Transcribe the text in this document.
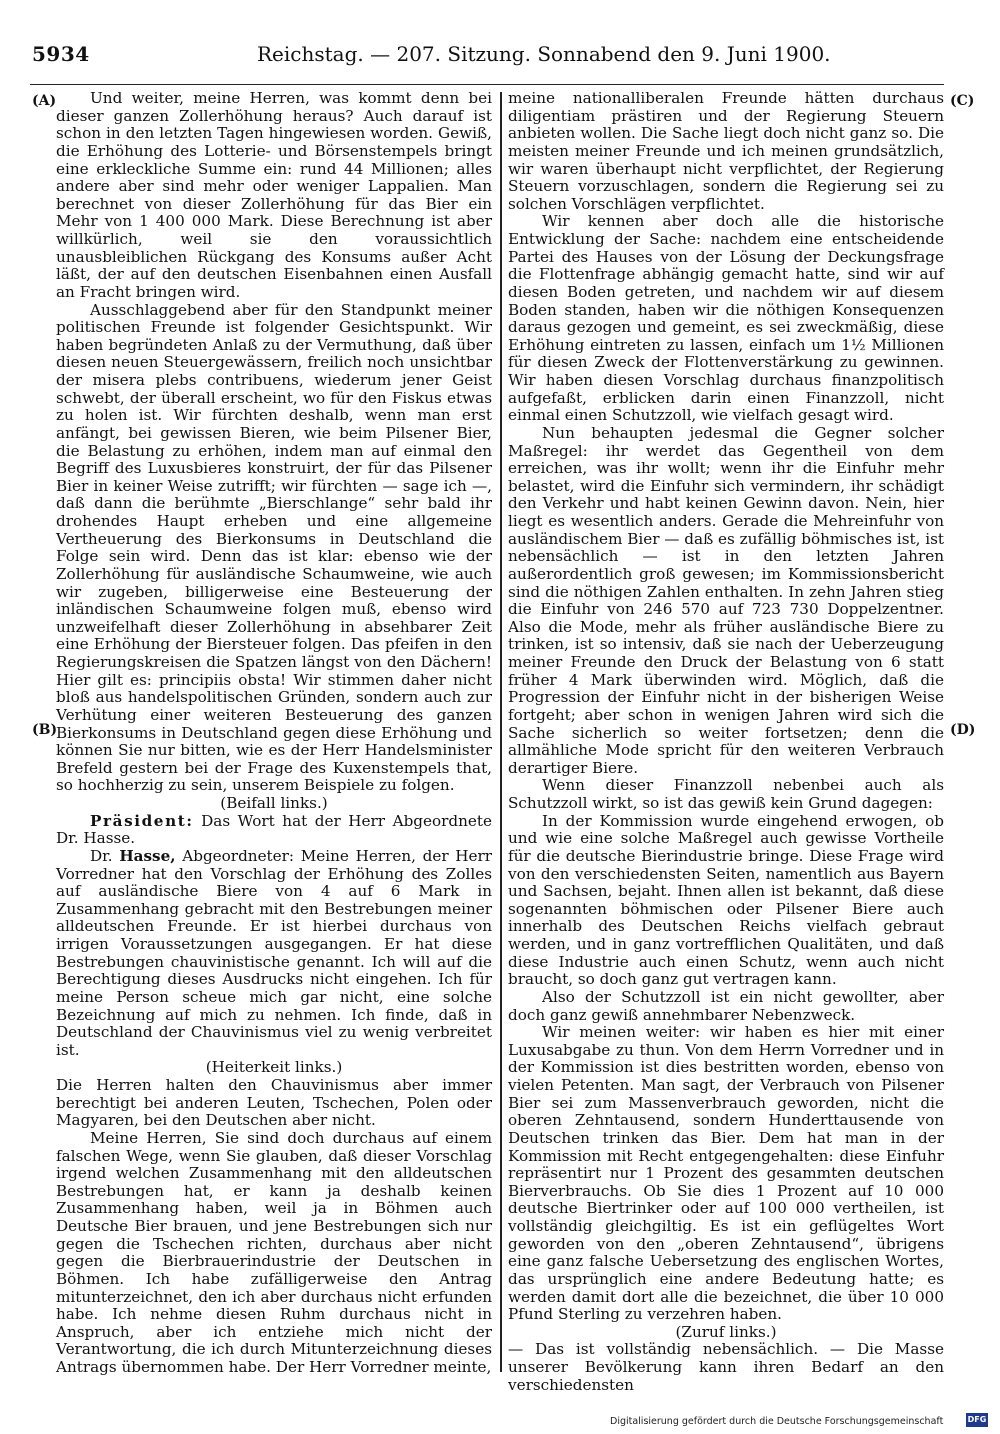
5934	Reichstag. — 207. Sitzung. Sonnabend den 9. Juni 1900.
(A)
(B)
(C)
(D)

Und weiter, meine Herren, was kommt denn bei dieser ganzen Zollerhöhung heraus? Auch darauf ist schon in den letzten Tagen hingewiesen worden. Gewiß, die Erhöhung des Lotterie- und Börsenstempels bringt eine erkleckliche Summe ein: rund 44 Millionen; alles andere aber sind mehr oder weniger Lappalien. Man berechnet von dieser Zollerhöhung für das Bier ein Mehr von 1 400 000 Mark. Diese Berechnung ist aber willkürlich, weil sie den voraussichtlich unausbleiblichen Rückgang des Konsums außer Acht läßt, der auf den deutschen Eisenbahnen einen Ausfall an Fracht bringen wird.

Ausschlaggebend aber für den Standpunkt meiner politischen Freunde ist folgender Gesichtspunkt. Wir haben begründeten Anlaß zu der Vermuthung, daß über diesen neuen Steuergewässern, freilich noch unsichtbar der misera plebs contribuens, wiederum jener Geist schwebt, der überall erscheint, wo für den Fiskus etwas zu holen ist. Wir fürchten deshalb, wenn man erst anfängt, bei gewissen Bieren, wie beim Pilsener Bier, die Belastung zu erhöhen, indem man auf einmal den Begriff des Luxusbieres konstruirt, der für das Pilsener Bier in keiner Weise zutrifft; wir fürchten — sage ich —, daß dann die berühmte „Bierschlange“ sehr bald ihr drohendes Haupt erheben und eine allgemeine Vertheuerung des Bierkonsums in Deutschland die Folge sein wird. Denn das ist klar: ebenso wie der Zollerhöhung für ausländische Schaumweine, wie auch wir zugeben, billigerweise eine Besteuerung der inländischen Schaumweine folgen muß, ebenso wird unzweifelhaft dieser Zollerhöhung in absehbarer Zeit eine Erhöhung der Biersteuer folgen. Das pfeifen in den Regierungskreisen die Spatzen längst von den Dächern! Hier gilt es: principiis obsta! Wir stimmen daher nicht bloß aus handelspolitischen Gründen, sondern auch zur Verhütung einer weiteren Besteuerung des ganzen Bierkonsums in Deutschland gegen diese Erhöhung und können Sie nur bitten, wie es der Herr Handelsminister Brefeld gestern bei der Frage des Kuxenstempels that, so hochherzig zu sein, unserem Beispiele zu folgen.

(Beifall links.)

Präsident: Das Wort hat der Herr Abgeordnete Dr. Hasse.

Dr. Hasse, Abgeordneter: Meine Herren, der Herr Vorredner hat den Vorschlag der Erhöhung des Zolles auf ausländische Biere von 4 auf 6 Mark in Zusammenhang gebracht mit den Bestrebungen meiner alldeutschen Freunde. Er ist hierbei durchaus von irrigen Voraussetzungen ausgegangen. Er hat diese Bestrebungen chauvinistische genannt. Ich will auf die Berechtigung dieses Ausdrucks nicht eingehen. Ich für meine Person scheue mich gar nicht, eine solche Bezeichnung auf mich zu nehmen. Ich finde, daß in Deutschland der Chauvinismus viel zu wenig verbreitet ist.

(Heiterkeit links.)

Die Herren halten den Chauvinismus aber immer berechtigt bei anderen Leuten, Tschechen, Polen oder Magyaren, bei den Deutschen aber nicht.

Meine Herren, Sie sind doch durchaus auf einem falschen Wege, wenn Sie glauben, daß dieser Vorschlag irgend welchen Zusammenhang mit den alldeutschen Bestrebungen hat, er kann ja deshalb keinen Zusammenhang haben, weil ja in Böhmen auch Deutsche Bier brauen, und jene Bestrebungen sich nur gegen die Tschechen richten, durchaus aber nicht gegen die Bierbrauerindustrie der Deutschen in Böhmen. Ich habe zufälligerweise den Antrag mitunterzeichnet, den ich aber durchaus nicht erfunden habe. Ich nehme diesen Ruhm durchaus nicht in Anspruch, aber ich entziehe mich nicht der Verantwortung, die ich durch Mitunterzeichnung dieses Antrags übernommen habe. Der Herr Vorredner meinte,

meine nationalliberalen Freunde hätten durchaus diligentiam prästiren und der Regierung Steuern anbieten wollen. Die Sache liegt doch nicht ganz so. Die meisten meiner Freunde und ich meinen grundsätzlich, wir waren überhaupt nicht verpflichtet, der Regierung Steuern vorzuschlagen, sondern die Regierung sei zu solchen Vorschlägen verpflichtet.

Wir kennen aber doch alle die historische Entwicklung der Sache: nachdem eine entscheidende Partei des Hauses von der Lösung der Deckungsfrage die Flottenfrage abhängig gemacht hatte, sind wir auf diesen Boden getreten, und nachdem wir auf diesem Boden standen, haben wir die nöthigen Konsequenzen daraus gezogen und gemeint, es sei zweckmäßig, diese Erhöhung eintreten zu lassen, einfach um 1½ Millionen für diesen Zweck der Flottenverstärkung zu gewinnen. Wir haben diesen Vorschlag durchaus finanzpolitisch aufgefaßt, erblicken darin einen Finanzzoll, nicht einmal einen Schutzzoll, wie vielfach gesagt wird.

Nun behaupten jedesmal die Gegner solcher Maßregel: ihr werdet das Gegentheil von dem erreichen, was ihr wollt; wenn ihr die Einfuhr mehr belastet, wird die Einfuhr sich vermindern, ihr schädigt den Verkehr und habt keinen Gewinn davon. Nein, hier liegt es wesentlich anders. Gerade die Mehreinfuhr von ausländischem Bier — daß es zufällig böhmisches ist, ist nebensächlich — ist in den letzten Jahren außerordentlich groß gewesen; im Kommissionsbericht sind die nöthigen Zahlen enthalten. In zehn Jahren stieg die Einfuhr von 246 570 auf 723 730 Doppelzentner. Also die Mode, mehr als früher ausländische Biere zu trinken, ist so intensiv, daß sie nach der Ueberzeugung meiner Freunde den Druck der Belastung von 6 statt früher 4 Mark überwinden wird. Möglich, daß die Progression der Einfuhr nicht in der bisherigen Weise fortgeht; aber schon in wenigen Jahren wird sich die Sache sicherlich so weiter fortsetzen; denn die allmähliche Mode spricht für den weiteren Verbrauch derartiger Biere.

Wenn dieser Finanzzoll nebenbei auch als Schutzzoll wirkt, so ist das gewiß kein Grund dagegen:

In der Kommission wurde eingehend erwogen, ob und wie eine solche Maßregel auch gewisse Vortheile für die deutsche Bierindustrie bringe. Diese Frage wird von den verschiedensten Seiten, namentlich aus Bayern und Sachsen, bejaht. Ihnen allen ist bekannt, daß diese sogenannten böhmischen oder Pilsener Biere auch innerhalb des Deutschen Reichs vielfach gebraut werden, und in ganz vortrefflichen Qualitäten, und daß diese Industrie auch einen Schutz, wenn auch nicht braucht, so doch ganz gut vertragen kann.

Also der Schutzzoll ist ein nicht gewollter, aber doch ganz gewiß annehmbarer Nebenzweck.

Wir meinen weiter: wir haben es hier mit einer Luxusabgabe zu thun. Von dem Herrn Vorredner und in der Kommission ist dies bestritten worden, ebenso von vielen Petenten. Man sagt, der Verbrauch von Pilsener Bier sei zum Massenverbrauch geworden, nicht die oberen Zehntausend, sondern Hunderttausende von Deutschen trinken das Bier. Dem hat man in der Kommission mit Recht entgegengehalten: diese Einfuhr repräsentirt nur 1 Prozent des gesammten deutschen Bierverbrauchs. Ob Sie dies 1 Prozent auf 10 000 deutsche Biertrinker oder auf 100 000 vertheilen, ist vollständig gleichgiltig. Es ist ein geflügeltes Wort geworden von den „oberen Zehntausend“, übrigens eine ganz falsche Uebersetzung des englischen Wortes, das ursprünglich eine andere Bedeutung hatte; es werden damit dort alle die bezeichnet, die über 10 000 Pfund Sterling zu verzehren haben.

(Zuruf links.)

— Das ist vollständig nebensächlich. — Die Masse unserer Bevölkerung kann ihren Bedarf an den verschiedensten

Digitalisierung gefördert durch die Deutsche Forschungsgemeinschaft	DFG
